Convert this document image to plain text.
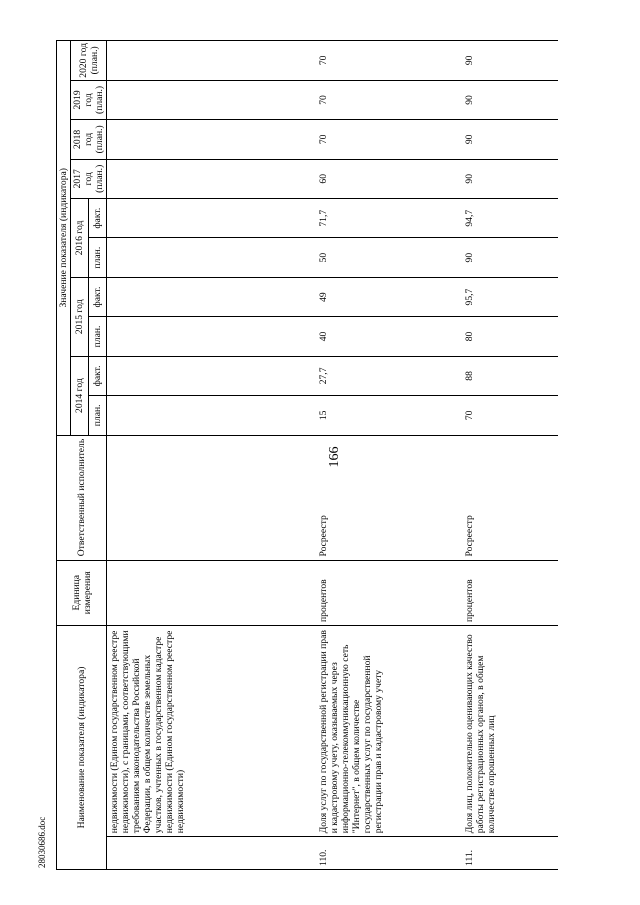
166
Наименование показателя (индикатора)		Единица измерения	Ответственный исполнитель	Значение показателя (индикатора)									
				2014 год		2015 год		2016 год		2017 год (план.)	2018 год (план.)	2019 год (план.)	2020 год (план.)
				план.	факт.	план.	факт.	план.	факт.				
	недвижимости (Едином государственном реестре недвижимости), с границами, соответствующими требованиям законодательства Российской Федерации, в общем количестве земельных участков, учтенных в государственном кадастре недвижимости (Едином государственном реестре недвижимости)												
110.	Доля услуг по государственной регистрации прав и кадастровому учету, оказываемых через информационно-телекоммуникационную сеть "Интернет", в общем количестве государственных услуг по государственной регистрации прав и кадастровому учету	процентов	Росреестр	15	27,7	40	49	50	71,7	60	70	70	70
111.	Доля лиц, положительно оценивающих качество работы регистрационных органов, в общем количестве опрошенных лиц	процентов	Росреестр	70	88	80	95,7	90	94,7	90	90	90	90
28030686.doc
